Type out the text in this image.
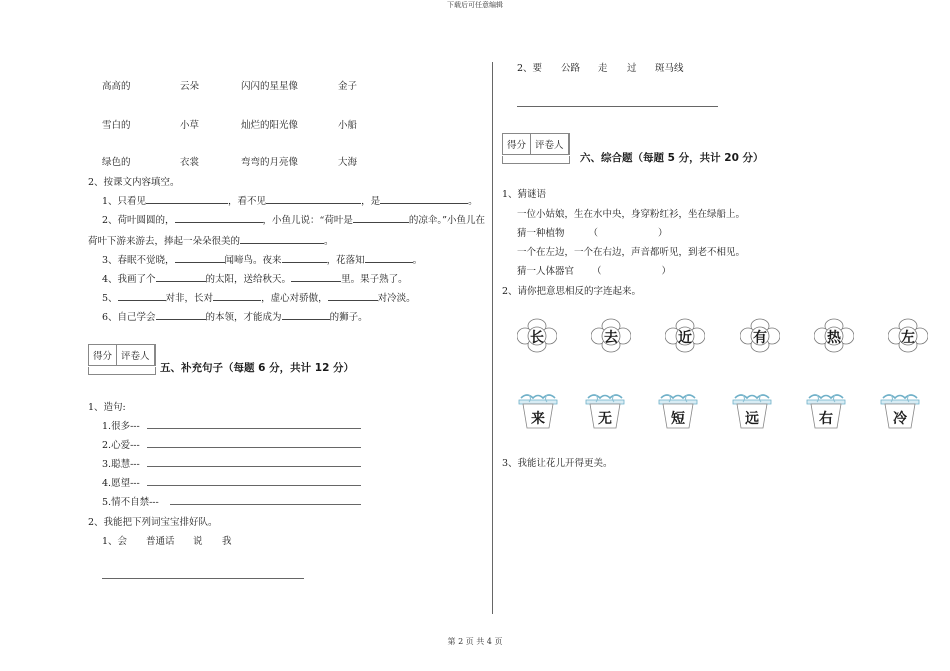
下载后可任意编辑
高高的	云朵	闪闪的星星像	金子
雪白的	小草	灿烂的阳光像	小船
绿色的	衣裳	弯弯的月亮像	大海
2、按课文内容填空。
1、只看见	，看不见	，是	。
2、荷叶圆圆的，	，小鱼儿说：“荷叶是	的凉伞。”小鱼儿在
荷叶下游来游去，捧起一朵朵很美的	。
3、春眠不觉晓，	闻啼鸟。夜来	，花落知	。
4、我画了个	的太阳，送给秋天。	里。果子熟了。
5、	对非，长对	，虚心对骄傲，	对冷淡。
6、自己学会	的本领，才能成为	的狮子。
得分 评卷人
五、补充句子（每题 6 分，共计 12 分）
1、造句:
1.很多---
2.心爱---
3.聪慧---
4.愿望---
5.情不自禁---
2、我能把下列词宝宝排好队。
1、会 普通话 说 我
2、要 公路 走 过 斑马线
得分 评卷人
六、综合题（每题 5 分，共计 20 分）
1、猜谜语
一位小姑娘，生在水中央，身穿粉红衫，坐在绿船上。
猜一种植物	（	）
一个在左边，一个在右边，声音都听见，到老不相见。
猜一人体器官 （	）
2、请你把意思相反的字连起来。
长	去	近	有	热	左
来	无	短	远	右	冷
3、我能让花儿开得更美。
第 2 页 共 4 页
